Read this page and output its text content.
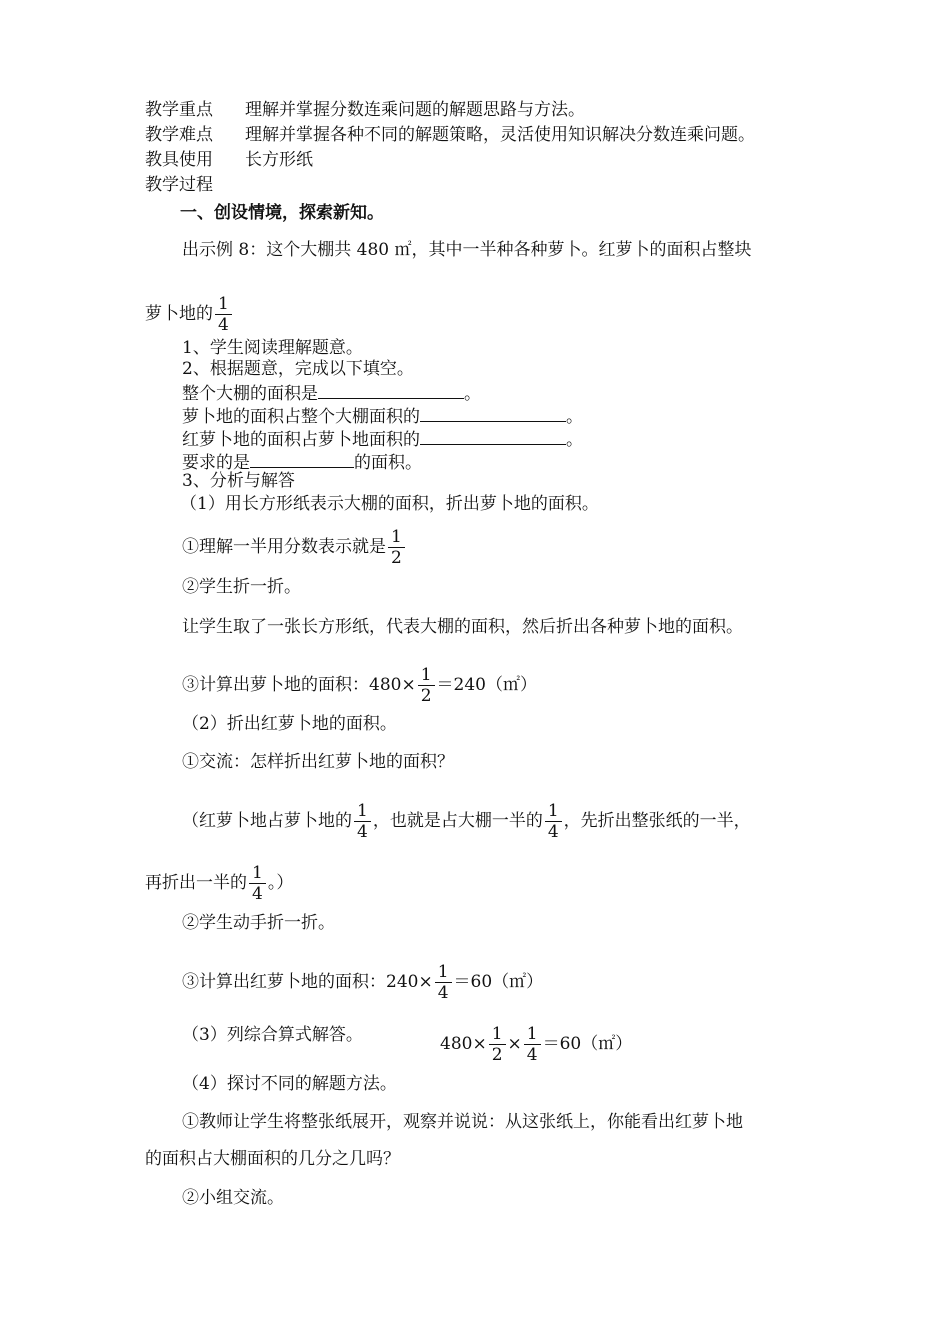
教学重点 理解并掌握分数连乘问题的解题思路与方法。
教学难点 理解并掌握各种不同的解题策略，灵活使用知识解决分数连乘问题。
教具使用 长方形纸
教学过程
一、创设情境，探索新知。
出示例 8：这个大棚共 480 ㎡，其中一半种各种萝卜。红萝卜的面积占整块
萝卜地的 $\frac{1}{4}$
1、学生阅读理解题意。
2、根据题意，完成以下填空。
整个大棚的面积是	。
萝卜地的面积占整个大棚面积的	。
红萝卜地的面积占萝卜地面积的	。
要求的是	的面积。
3、分析与解答
（1）用长方形纸表示大棚的面积，折出萝卜地的面积。
①理解一半用分数表示就是 $\frac{1}{2}$
②学生折一折。
让学生取了一张长方形纸，代表大棚的面积，然后折出各种萝卜地的面积。
③计算出萝卜地的面积：$480\times \frac{1}{2}$ ＝240（㎡）
（2）折出红萝卜地的面积。
①交流：怎样折出红萝卜地的面积？
（红萝卜地占萝卜地的 $\frac{1}{4}$ ，也就是占大棚一半的 $\frac{1}{4}$ ，先折出整张纸的一半，
再折出一半的 $\frac{1}{4}$ 。）
②学生动手折一折。
③计算出红萝卜地的面积：$240\times \frac{1}{4}$ ＝60（㎡）
（3）列综合算式解答。	$480\times \frac{1}{2} \times \frac{1}{4}$ ＝60（㎡）
（4）探讨不同的解题方法。
①教师让学生将整张纸展开，观察并说说：从这张纸上，你能看出红萝卜地
的面积占大棚面积的几分之几吗？
②小组交流。
